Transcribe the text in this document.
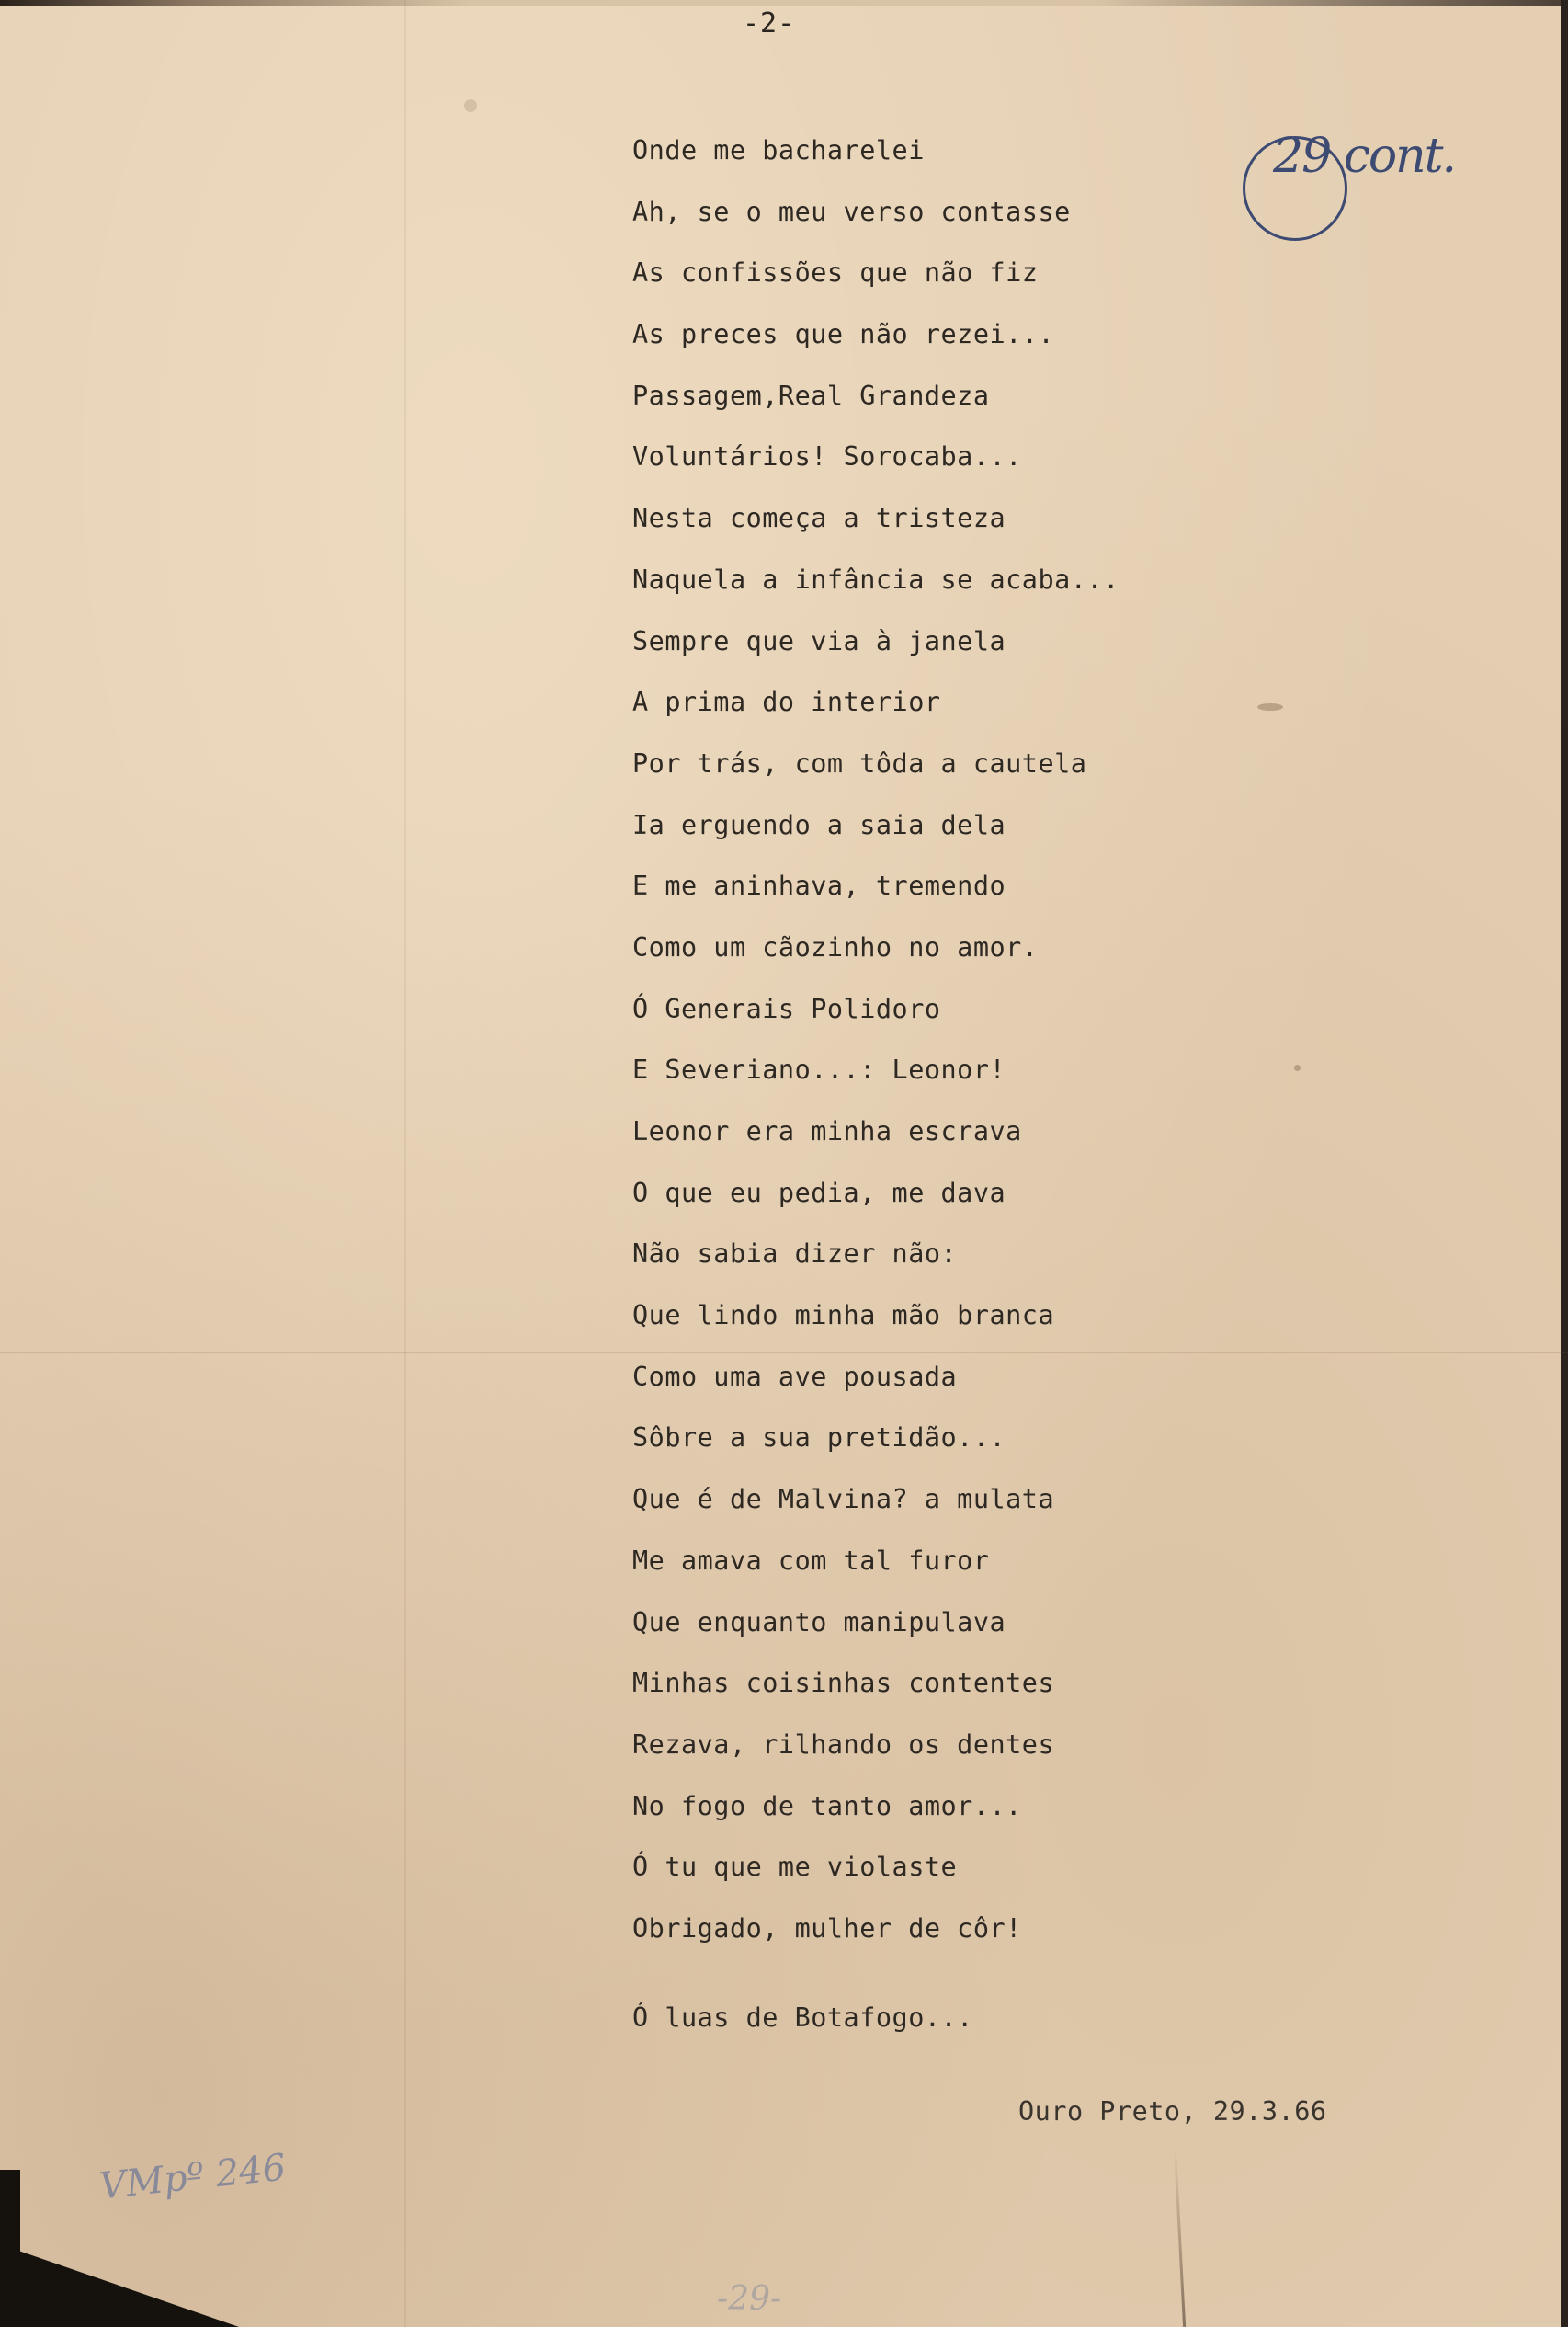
-2-
29 cont.
Onde me bacharelei
Ah, se o meu verso contasse
As confissões que não fiz
As preces que não rezei...
Passagem,Real Grandeza
Voluntários! Sorocaba...
Nesta começa a tristeza
Naquela a infância se acaba...
Sempre que via à janela
A prima do interior
Por trás, com tôda a cautela
Ia erguendo a saia dela
E me aninhava, tremendo
Como um cãozinho no amor.
Ó Generais Polidoro
E Severiano...: Leonor!
Leonor era minha escrava
O que eu pedia, me dava
Não sabia dizer não:
Que lindo minha mão branca
Como uma ave pousada
Sôbre a sua pretidão...
Que é de Malvina? a mulata
Me amava com tal furor
Que enquanto manipulava
Minhas coisinhas contentes
Rezava, rilhando os dentes
No fogo de tanto amor...
Ó tu que me violaste
Obrigado, mulher de côr!
Ó luas de Botafogo...
Ouro Preto, 29.3.66
VMpº 246
-29-
